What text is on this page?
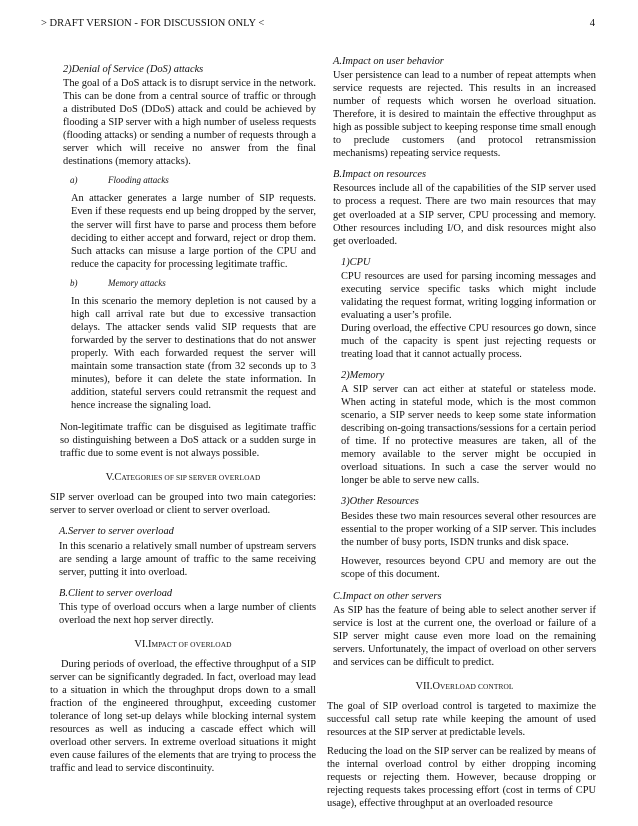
> DRAFT VERSION - FOR DISCUSSION ONLY <	4

2)Denial of Service (DoS) attacks

The goal of a DoS attack is to disrupt service in the network. This can be done from a central source of traffic or through a distributed DoS (DDoS) attack and could be achieved by flooding a SIP server with a high number of useless requests (flooding attacks) or sending a number of requests through a server which will receive no answer from the final destinations (memory attacks).

a)	Flooding attacks

An attacker generates a large number of SIP requests. Even if these requests end up being dropped by the server, the server will first have to parse and process them before deciding to either accept and forward, reject or drop them. Such attacks can misuse a large portion of the CPU and reduce the capacity for processing legitimate traffic.

b)	Memory attacks

In this scenario the memory depletion is not caused by a high call arrival rate but due to excessive transaction delays. The attacker sends valid SIP requests that are forwarded by the server to destinations that do not answer properly. With each forwarded request the server will maintain some transaction state (from 32 seconds up to 3 minutes), before it can delete the state information. In addition, stateful servers could retransmit the request and hence increase the signaling load.

Non-legitimate traffic can be disguised as legitimate traffic so distinguishing between a DoS attack or a sudden surge in traffic due to some event is not always possible.

V.CATEGORIES OF SIP SERVER OVERLOAD

SIP server overload can be grouped into two main categories: server to server overload or client to server overload.

A.Server to server overload

In this scenario a relatively small number of upstream servers are sending a large amount of traffic to the same receiving server, putting it into overload.

B.Client to server overload

This type of overload occurs when a large number of clients overload the next hop server directly.

VI.IMPACT OF OVERLOAD

During periods of overload, the effective throughput of a SIP server can be significantly degraded. In fact, overload may lead to a situation in which the throughput drops down to a small fraction of the engineered throughput, exceeding customer tolerance of long set-up delays while blocking internal system resources as well as inducing a cascade effect which will overload other servers. In extreme overload situations it might even cause failures of the elements that are trying to process the traffic and lead to service discontinuity.

A.Impact on user behavior

User persistence can lead to a number of repeat attempts when service requests are rejected. This results in an increased number of requests which worsen he overload situation. Therefore, it is desired to maintain the effective throughput as high as possible subject to keeping response time small enough to preclude customers (and protocol retransmission mechanisms) repeating service requests.

B.Impact on resources

Resources include all of the capabilities of the SIP server used to process a request. There are two main resources that may get overloaded at a SIP server, CPU processing and memory. Other resources including I/O, and disk resources might also get overloaded.

1)CPU

CPU resources are used for parsing incoming messages and executing service specific tasks which might include validating the request format, writing logging information or evaluating a user’s profile.

During overload, the effective CPU resources go down, since much of the capacity is spent just rejecting requests or treating load that it cannot actually process.

2)Memory

A SIP server can act either at stateful or stateless mode. When acting in stateful mode, which is the most common scenario, a SIP server needs to keep some state information describing on-going transactions/sessions for a certain period of time. If no protective measures are taken, all of the memory available to the server might be occupied in overload situations. In such a case the server would no longer be able to serve new calls.

3)Other Resources

Besides these two main resources several other resources are essential to the proper working of a SIP server. This includes the number of busy ports, ISDN trunks and disk space.

However, resources beyond CPU and memory are out the scope of this document.

C.Impact on other servers

As SIP has the feature of being able to select another server if service is lost at the current one, the overload or failure of a SIP server might cause even more load on the remaining servers. Unfortunately, the impact of overload on other servers and services can be difficult to predict.

VII.OVERLOAD CONTROL

The goal of SIP overload control is targeted to maximize the successful call setup rate while keeping the amount of used resources at the SIP server at predictable levels.

Reducing the load on the SIP server can be realized by means of the internal overload control by either dropping incoming requests or rejecting them. However, because dropping or rejecting requests takes processing effort (cost in terms of CPU usage), effective throughput at an overloaded resource
